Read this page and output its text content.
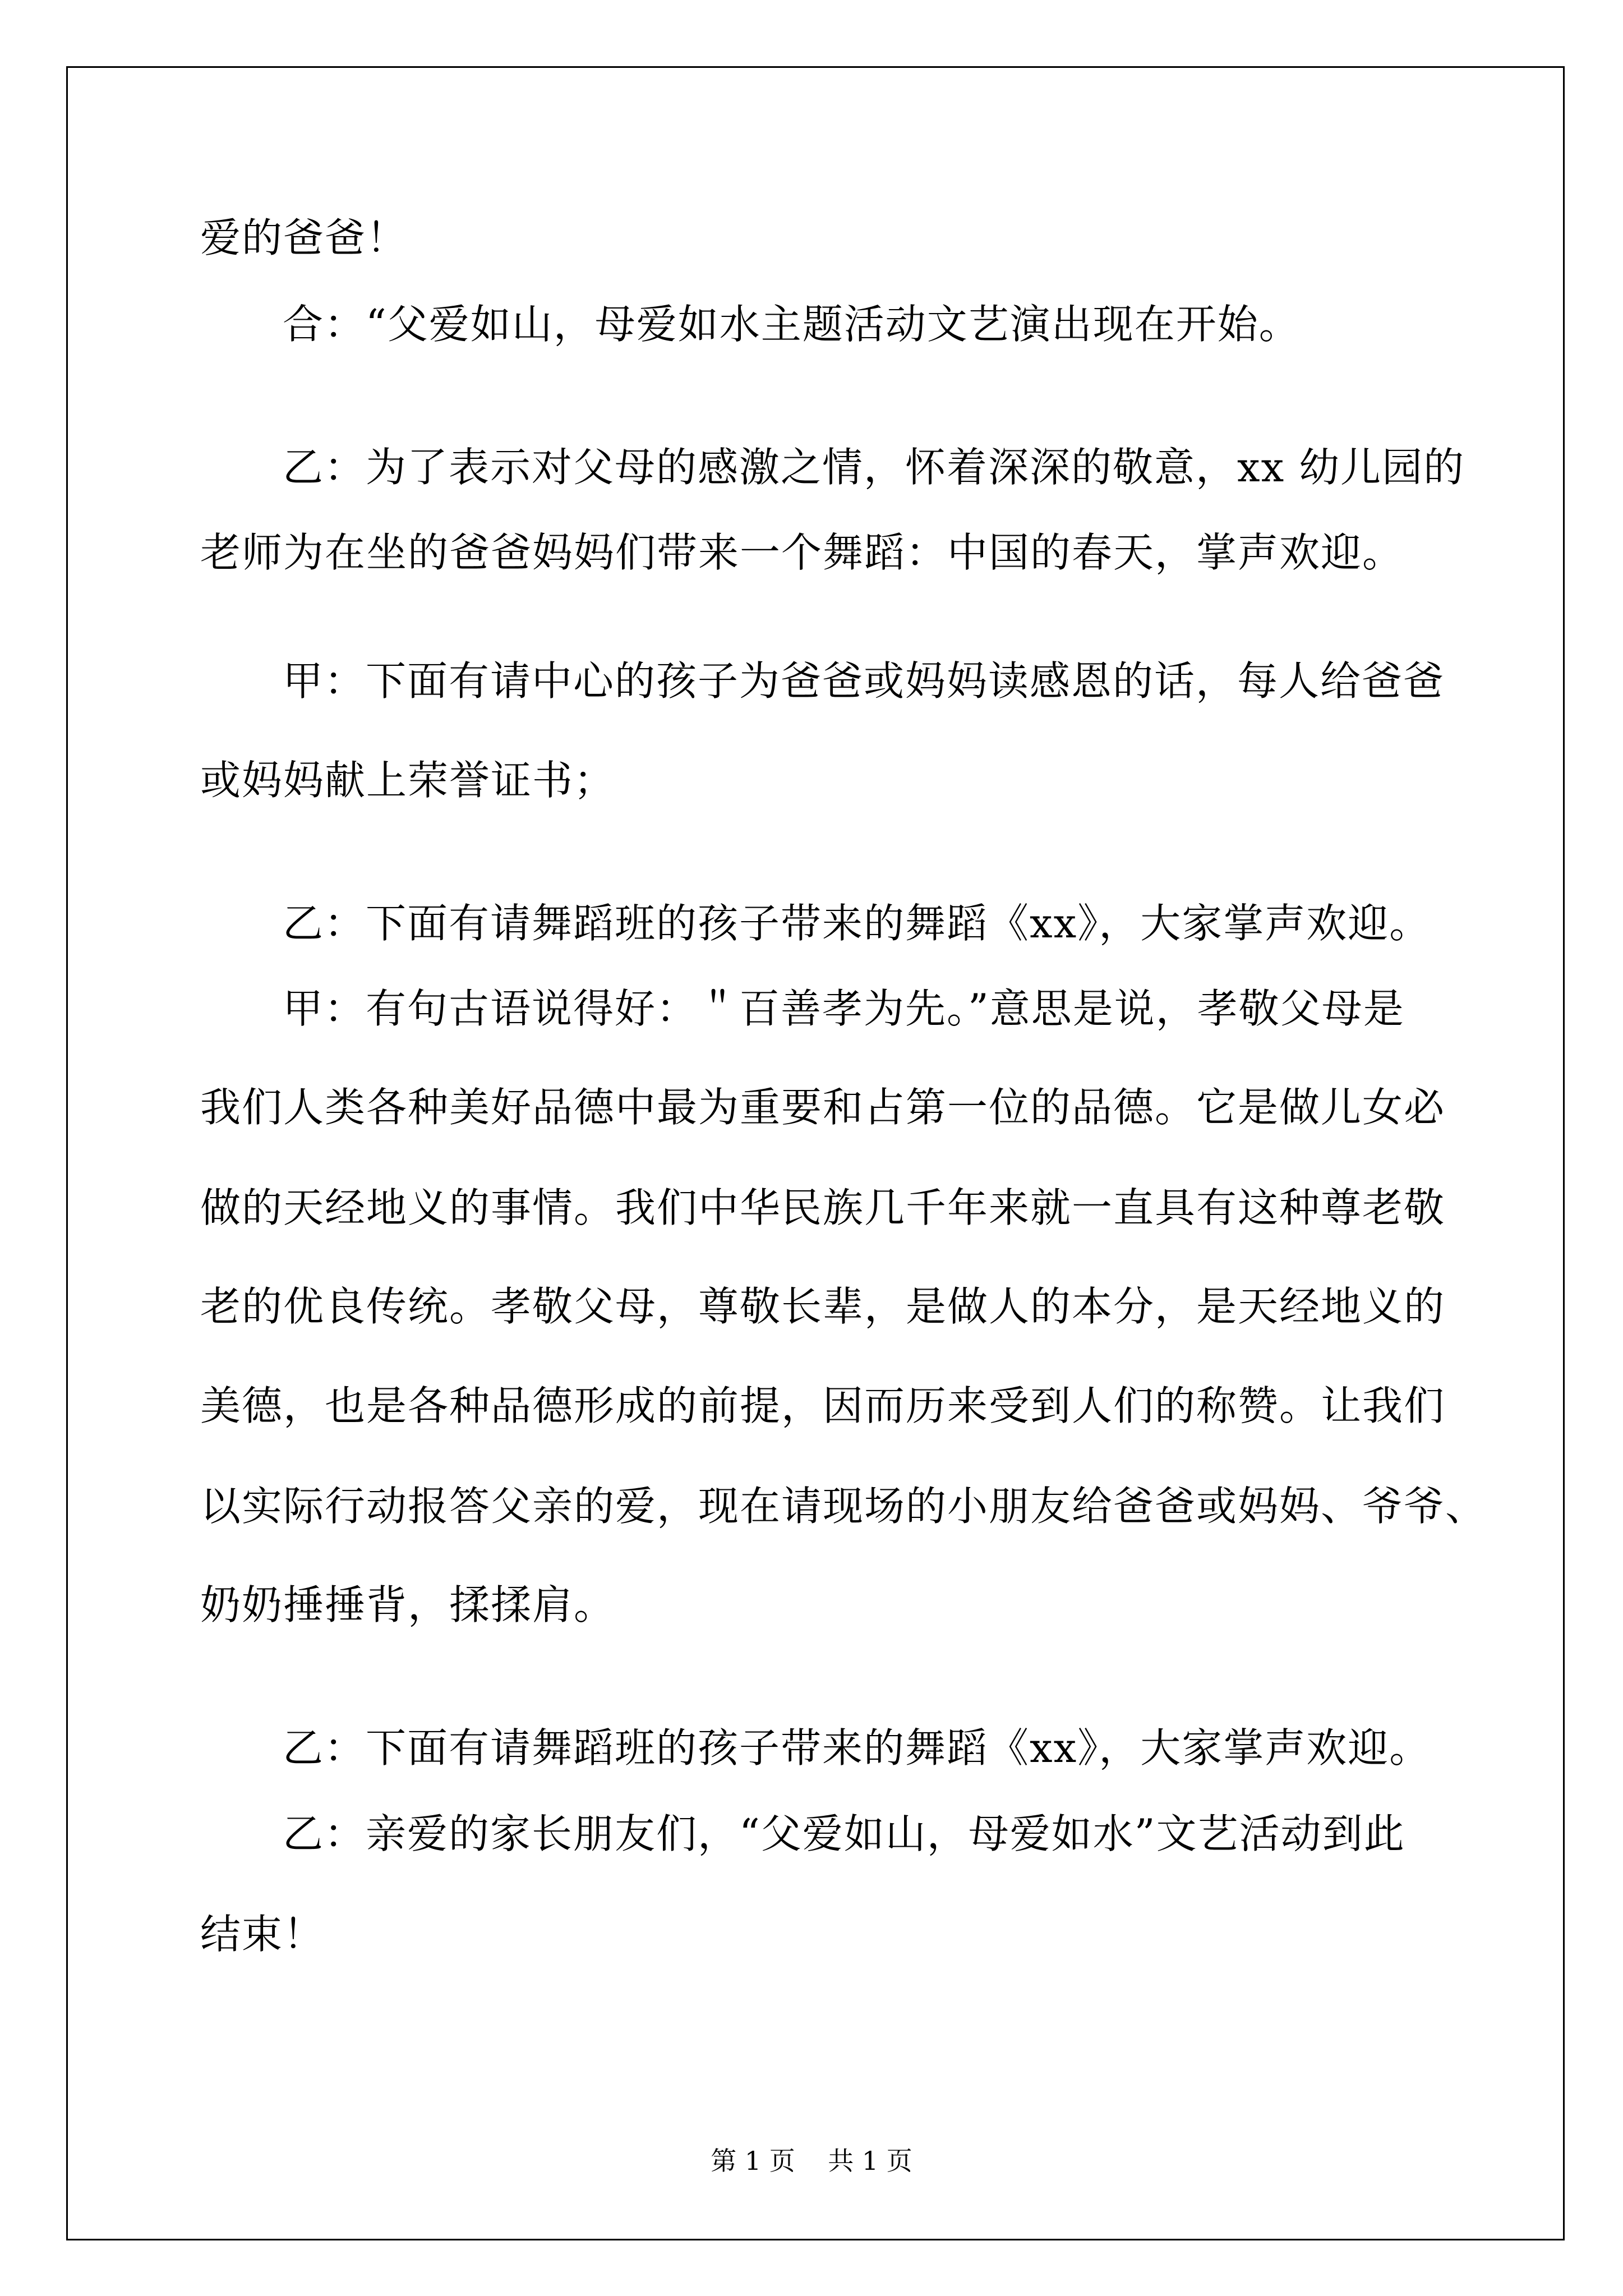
爱的爸爸！

合：“父爱如山，母爱如水主题活动文艺演出现在开始。

乙：为了表示对父母的感激之情，怀着深深的敬意，xx 幼儿园的

老师为在坐的爸爸妈妈们带来一个舞蹈：中国的春天，掌声欢迎。

甲：下面有请中心的孩子为爸爸或妈妈读感恩的话，每人给爸爸

或妈妈献上荣誉证书；

乙：下面有请舞蹈班的孩子带来的舞蹈《xx》，大家掌声欢迎。

甲：有句古语说得好：＂百善孝为先。”意思是说，孝敬父母是

我们人类各种美好品德中最为重要和占第一位的品德。它是做儿女必

做的天经地义的事情。我们中华民族几千年来就一直具有这种尊老敬

老的优良传统。孝敬父母，尊敬长辈，是做人的本分，是天经地义的

美德，也是各种品德形成的前提，因而历来受到人们的称赞。让我们

以实际行动报答父亲的爱，现在请现场的小朋友给爸爸或妈妈、爷爷、

奶奶捶捶背，揉揉肩。

乙：下面有请舞蹈班的孩子带来的舞蹈《xx》，大家掌声欢迎。

乙：亲爱的家长朋友们，“父爱如山，母爱如水”文艺活动到此

结束！

第 1 页    共 1 页
